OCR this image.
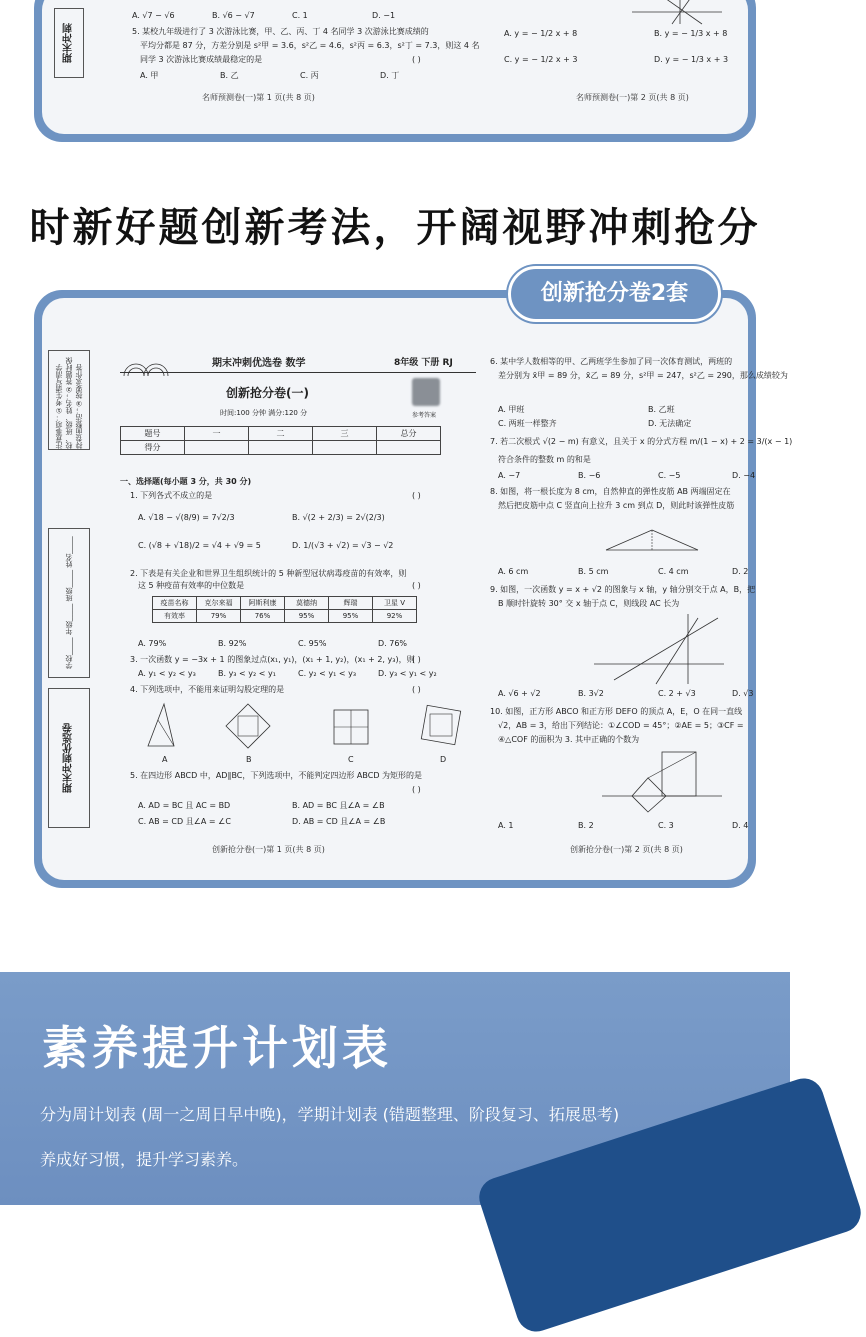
期末冲刺
A. √7 − √6	B. √6 − √7	C. 1	D. −1
5. 某校九年级进行了 3 次游泳比赛，甲、乙、丙、丁 4 名同学 3 次游泳比赛成绩的
平均分都是 87 分，方差分别是 s²甲 = 3.6，s²乙 = 4.6，s²丙 = 6.3，s²丁 = 7.3，则这 4 名
同学 3 次游泳比赛成绩最稳定的是	( )
A. 甲	B. 乙	C. 丙	D. 丁
A. y = − 1/2 x + 8	B. y = − 1/3 x + 8
C. y = − 1/2 x + 3	D. y = − 1/3 x + 3
名师预测卷(一)第 1 页(共 8 页)	名师预测卷(一)第 2 页(共 8 页)
时新好题创新考法，开阔视野冲刺抢分
注意事项：①考生请写清学校、班级、姓名；②答题时保持卷面整洁；③按要求作答
学校_____ 年级_____ 班级_____ 姓名_____
期末冲刺优选卷
期末冲刺优选卷 数学	8年级 下册 RJ
创新抢分卷(一)
参考答案
时间:100 分钟 满分:120 分
题号	一	二	三	总分
得分				
一、选择题(每小题 3 分，共 30 分)
1. 下列各式不成立的是	( )
A. √18 − √(8/9) = 7√2/3	B. √(2 + 2/3) = 2√(2/3)
C. (√8 + √18)/2 = √4 + √9 = 5	D. 1/(√3 + √2) = √3 − √2
2. 下表是有关企业和世界卫生组织统计的 5 种新型冠状病毒疫苗的有效率，则
这 5 种疫苗有效率的中位数是	( )
疫苗名称	克尔来福	阿斯利康	莫德纳	辉瑞	卫星 V
有效率	79%	76%	95%	95%	92%
A. 79%	B. 92%	C. 95%	D. 76%
3. 一次函数 y = −3x + 1 的图象过点(x₁, y₁)，(x₁ + 1, y₂)，(x₁ + 2, y₃)，则
( )
A. y₁ < y₂ < y₃	B. y₃ < y₂ < y₁	C. y₂ < y₁ < y₃	D. y₃ < y₁ < y₂
4. 下列选项中，不能用来证明勾股定理的是	( )
A	B	C	D
5. 在四边形 ABCD 中，AD∥BC，下列选项中，不能判定四边形 ABCD 为矩形的是
( )
A. AD = BC 且 AC = BD	B. AD = BC 且∠A = ∠B
C. AB = CD 且∠A = ∠C	D. AB = CD 且∠A = ∠B
创新抢分卷(一)第 1 页(共 8 页)
6. 某中学人数相等的甲、乙两班学生参加了同一次体育测试，两班的
差分别为 x̄甲 = 89 分，x̄乙 = 89 分，s²甲 = 247，s²乙 = 290，那么成绩较为
A. 甲班	B. 乙班
C. 两班一样整齐	D. 无法确定
7. 若二次根式 √(2 − m) 有意义，且关于 x 的分式方程 m/(1 − x) + 2 = 3/(x − 1)
符合条件的整数 m 的和是
A. −7	B. −6	C. −5	D. −4
8. 如图，将一根长度为 8 cm，自然伸直的弹性皮筋 AB 两端固定在
然后把皮筋中点 C 竖直向上拉升 3 cm 到点 D，则此时该弹性皮筋
A. 6 cm	B. 5 cm	C. 4 cm	D. 2
9. 如图，一次函数 y = x + √2 的图象与 x 轴，y 轴分别交于点 A，B，把
B 顺时针旋转 30° 交 x 轴于点 C，则线段 AC 长为
A. √6 + √2	B. 3√2	C. 2 + √3	D. √3
10. 如图，正方形 ABCO 和正方形 DEFO 的顶点 A，E，O 在同一直线
√2，AB = 3，给出下列结论：①∠COD = 45°；②AE = 5；③CF =
④△COF 的面积为 3. 其中正确的个数为
A. 1	B. 2	C. 3	D. 4
创新抢分卷(一)第 2 页(共 8 页)
创新抢分卷2套
素养提升计划表

分为周计划表 (周一之周日早中晚)，学期计划表 (错题整理、阶段复习、拓展思考)

养成好习惯，提升学习素养。
